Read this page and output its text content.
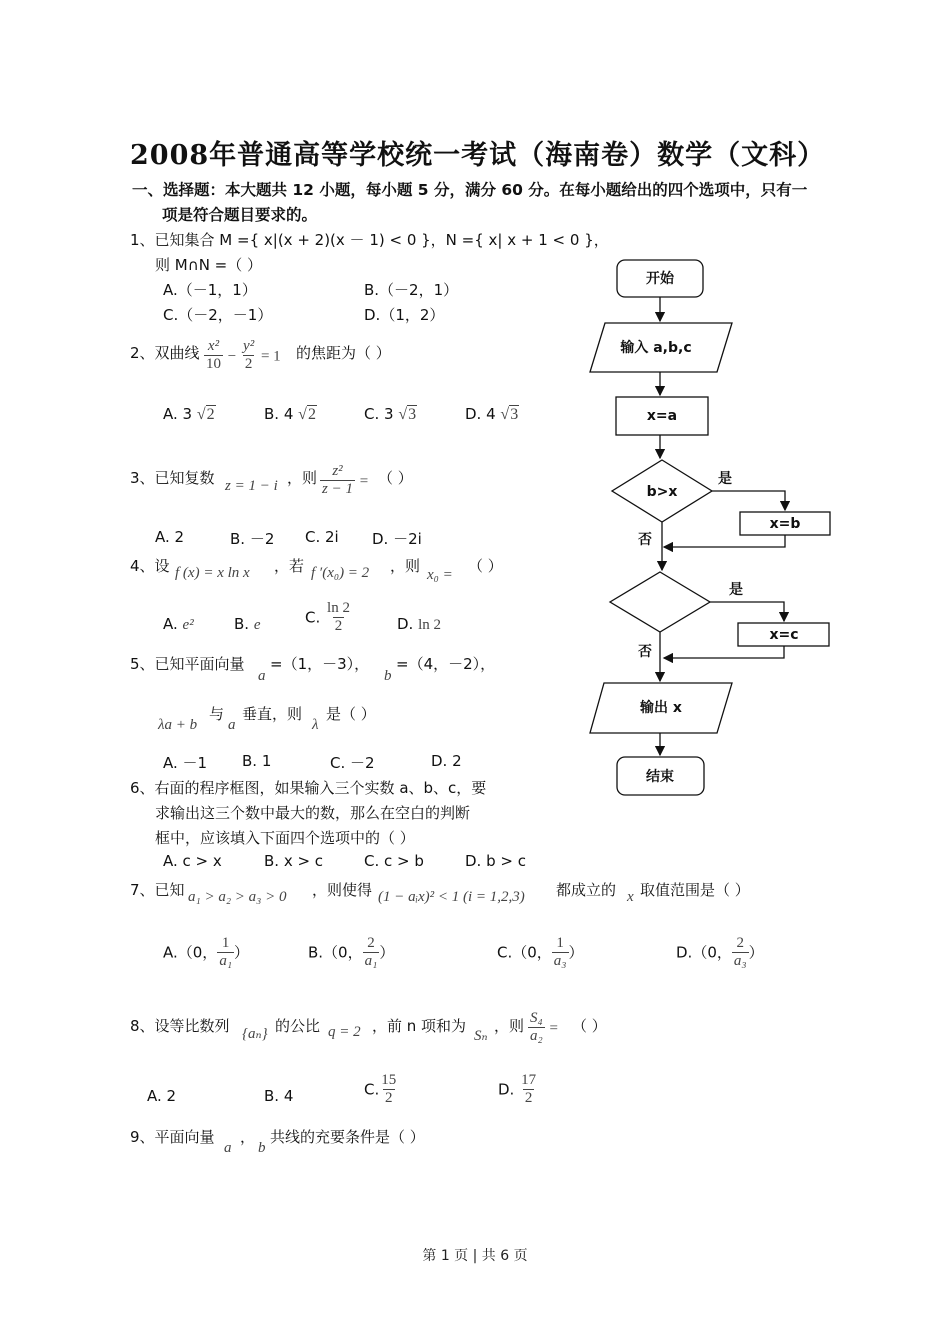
2008年普通高等学校统一考试（海南卷）数学（文科）
一、选择题：本大题共 12 小题，每小题 5 分，满分 60 分。在每小题给出的四个选项中，只有一
项是符合题目要求的。
1、已知集合 M ={ x|(x + 2)(x － 1) < 0 }，N ={ x| x + 1 < 0 }，
则 M∩N =（ ）
A.（－1，1）	B.（－2，1）
C.（－2，－1）	D.（1，2）
2、双曲线 $\frac{\text{x²}}{10} - \frac{\text{y²}}{2} = 1$ 的焦距为（ ）
A. 3 √2	B. 4 √2	C. 3 √3	D. 4 √3
3、已知复数 z = 1 − i ，则 $\frac{\text{z²}}{z - 1}$ = （ ）
A. 2	B. －2 C. 2i D. －2i
4、设 f (x) = x ln x ，若 f ′(x₀) = 2 ，则 x₀ = （ ）
A. e²	B. e	C. $\frac{\ln 2}{2}$	D. ln 2
5、已知平面向量
a
=（1，－3），
b
=（4，－2），
λa + b
与
a
垂直，则
λ
是（ ）
A. －1 B. 1	C. －2	D. 2
6、右面的程序框图，如果输入三个实数 a、b、c，要
求输出这三个数中最大的数，那么在空白的判断
框中，应该填入下面四个选项中的（ ）
A. c > x	B. x > c	C. c > b	D. b > c
7、已知 a₁ > a₂ > a₃ > 0 ，则使得 (1 − aᵢx)² < 1 (i = 1,2,3) 都成立的 x 取值范围是（ ）
A.（0， $\frac{1}{\text{a₁}}$ ）	B.（0， $\frac{2}{\text{a₁}}$ ）	C.（0， $\frac{1}{\text{a₃}}$ ）	D.（0， $\frac{2}{\text{a₃}}$ ）
8、设等比数列 {aₙ} 的公比 q = 2 ，前 n 项和为
Sₙ
，则 $\frac{\text{S₄}}{\text{a₂}}$ = （ ）
A. 2	B. 4	C. $\frac{15}{2}$	D. $\frac{17}{2}$
9、平面向量
a
，
b
共线的充要条件是（ ）
开始
输入 a,b,c
x=a
b>x
x=b
x=c
输出 x
结束
是
否
是
否
第 1 页 | 共 6 页
